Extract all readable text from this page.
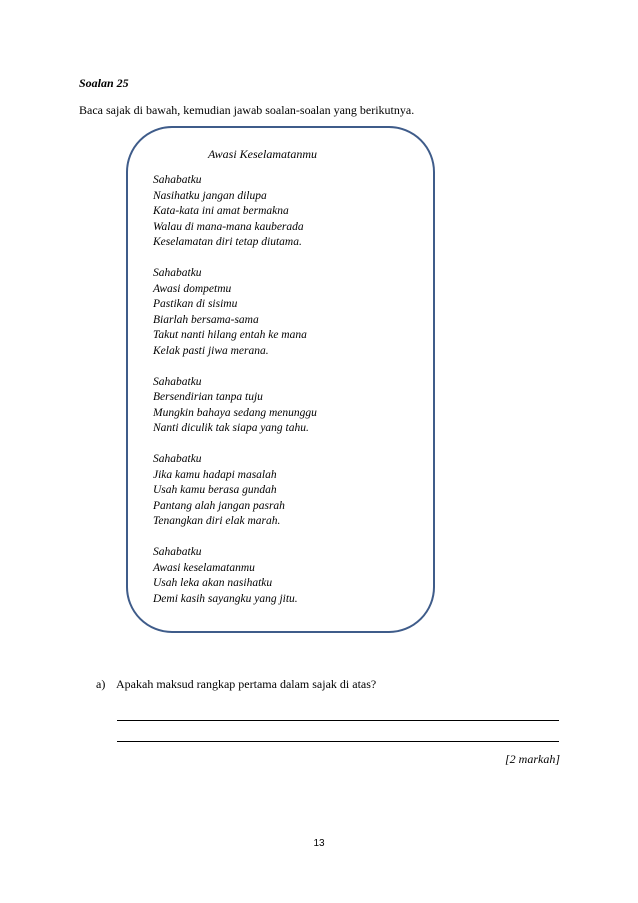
Soalan 25
Baca sajak di bawah, kemudian jawab soalan-soalan yang berikutnya.
Awasi Keselamatanmu
Sahabatku
Nasihatku jangan dilupa
Kata-kata ini amat bermakna
Walau di mana-mana kauberada
Keselamatan diri tetap diutama.
Sahabatku
Awasi dompetmu
Pastikan di sisimu
Biarlah bersama-sama
Takut nanti hilang entah ke mana
Kelak pasti jiwa merana.
Sahabatku
Bersendirian tanpa tuju
Mungkin bahaya sedang menunggu
Nanti diculik tak siapa yang tahu.
Sahabatku
Jika kamu hadapi masalah
Usah kamu berasa gundah
Pantang alah jangan pasrah
Tenangkan diri elak marah.
Sahabatku
Awasi keselamatanmu
Usah leka akan nasihatku
Demi kasih sayangku yang jitu.
a) Apakah maksud rangkap pertama dalam sajak di atas?
[2 markah]
13
